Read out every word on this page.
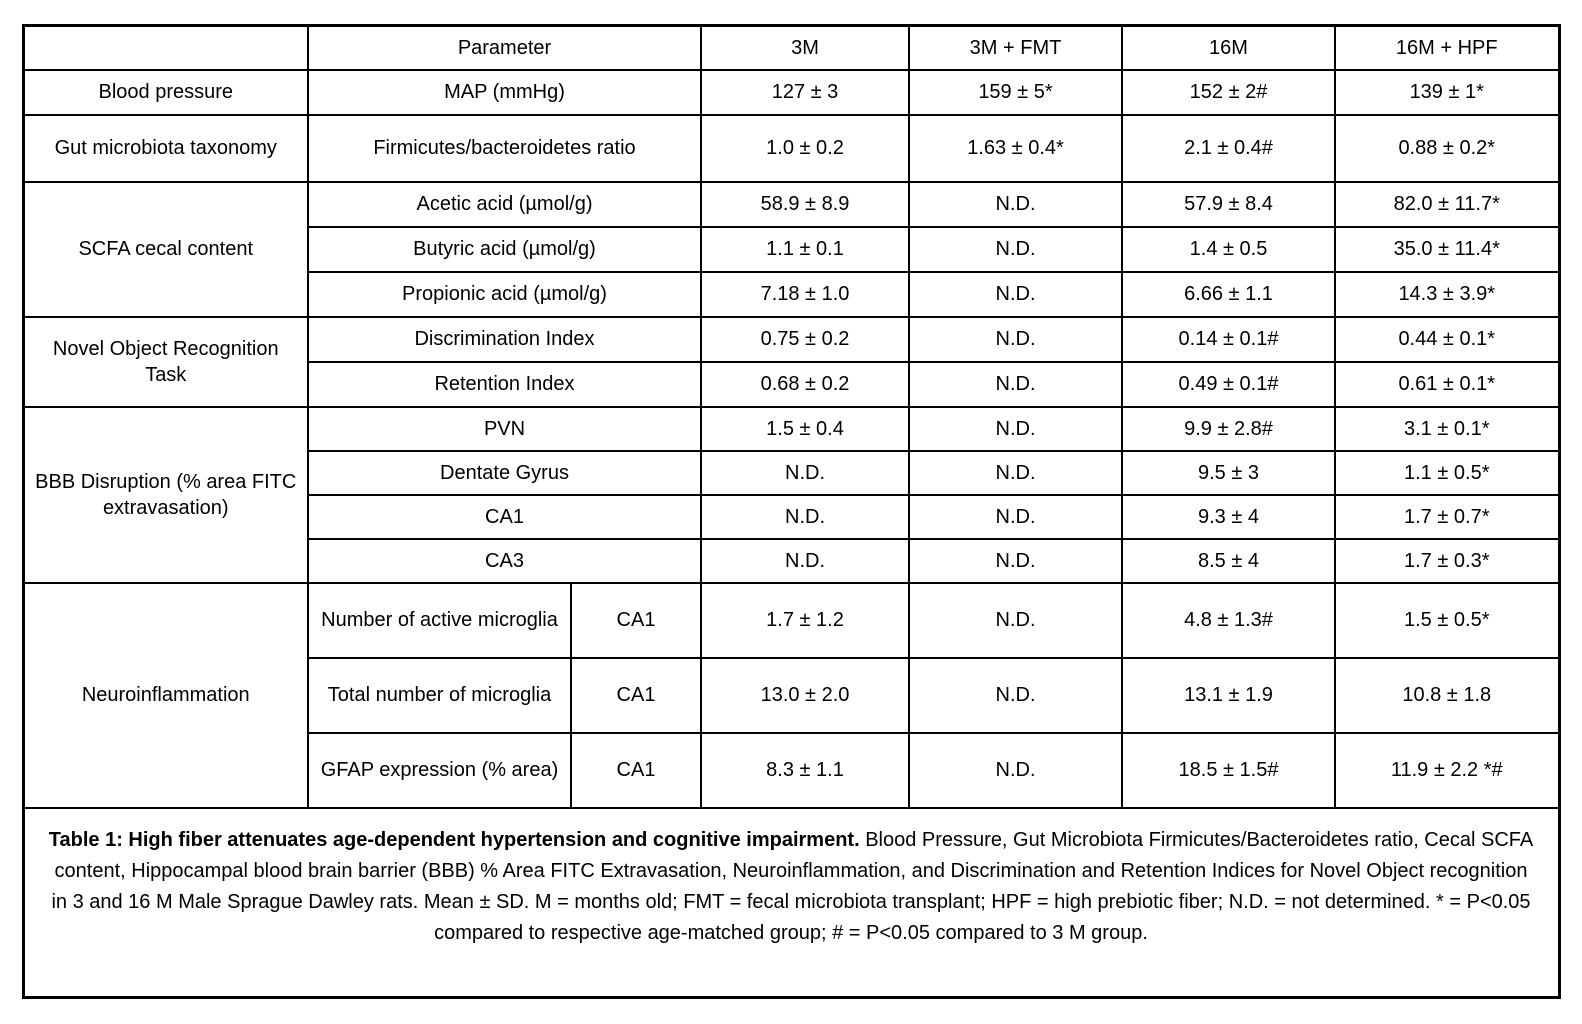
	Parameter		3M	3M + FMT	16M	16M + HPF
Blood pressure	MAP (mmHg)		127 ± 3	159 ± 5*	152 ± 2#	139 ± 1*
Gut microbiota taxonomy	Firmicutes/bacteroidetes ratio		1.0 ± 0.2	1.63 ± 0.4*	2.1 ± 0.4#	0.88 ± 0.2*
SCFA cecal content	Acetic acid (µmol/g)		58.9 ± 8.9	N.D.	57.9 ± 8.4	82.0 ± 11.7*
	Butyric acid (µmol/g)		1.1 ± 0.1	N.D.	1.4 ± 0.5	35.0 ± 11.4*
	Propionic acid (µmol/g)		7.18 ± 1.0	N.D.	6.66 ± 1.1	14.3 ± 3.9*
Novel Object Recognition Task	Discrimination Index		0.75 ± 0.2	N.D.	0.14 ± 0.1#	0.44 ± 0.1*
	Retention Index		0.68 ± 0.2	N.D.	0.49 ± 0.1#	0.61 ± 0.1*
BBB Disruption (% area FITC extravasation)	PVN		1.5 ± 0.4	N.D.	9.9 ± 2.8#	3.1 ± 0.1*
	Dentate Gyrus		N.D.	N.D.	9.5 ± 3	1.1 ± 0.5*
	CA1		N.D.	N.D.	9.3 ± 4	1.7 ± 0.7*
	CA3		N.D.	N.D.	8.5 ± 4	1.7 ± 0.3*
Neuroinflammation	Number of active microglia	CA1	1.7 ± 1.2	N.D.	4.8 ± 1.3#	1.5 ± 0.5*
	Total number of microglia	CA1	13.0 ± 2.0	N.D.	13.1 ± 1.9	10.8 ± 1.8
	GFAP expression (% area)	CA1	8.3 ± 1.1	N.D.	18.5 ± 1.5#	11.9 ± 2.2 *#
Table 1: High fiber attenuates age-dependent hypertension and cognitive impairment. Blood Pressure, Gut Microbiota Firmicutes/Bacteroidetes ratio, Cecal SCFA content, Hippocampal blood brain barrier (BBB) % Area FITC Extravasation, Neuroinflammation, and Discrimination and Retention Indices for Novel Object recognition in 3 and 16 M Male Sprague Dawley rats. Mean ± SD. M = months old; FMT = fecal microbiota transplant; HPF = high prebiotic fiber; N.D. = not determined. * = P<0.05 compared to respective age-matched group; # = P<0.05 compared to 3 M group.						
